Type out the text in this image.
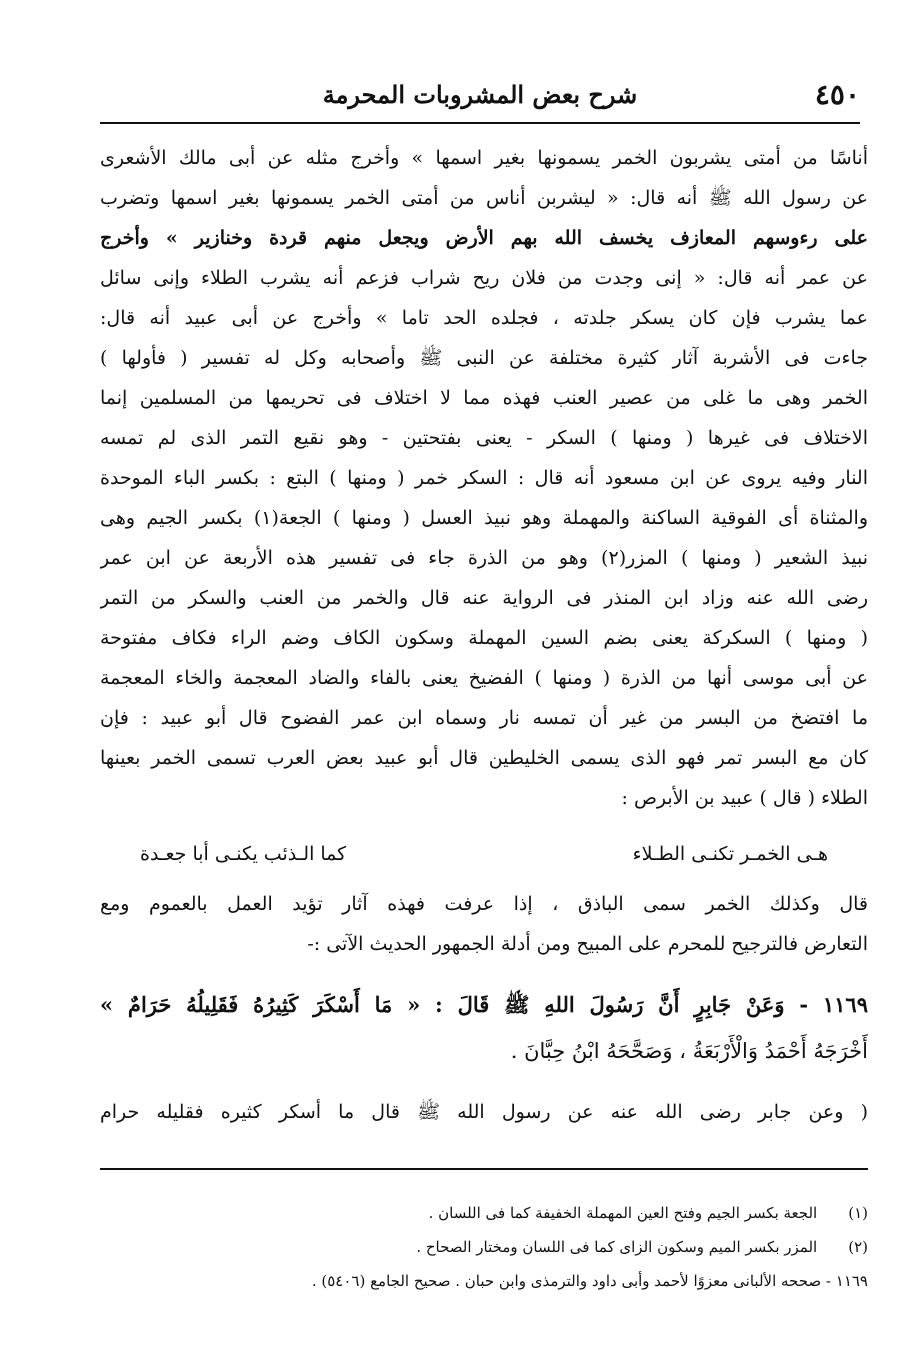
٤٥٠
شرح بعض المشروبات المحرمة
أناسًا من أمتى يشربون الخمر يسمونها بغير اسمها » وأخرج مثله عن أبى مالك الأشعرى
عن رسول الله ﷺ أنه قال: « ليشربن أناس من أمتى الخمر يسمونها بغير اسمها وتضرب
على رءوسهم المعازف يخسف الله بهم الأرض ويجعل منهم قردة وخنازير » وأخرج
عن عمر أنه قال: « إنى وجدت من فلان ريح شراب فزعم أنه يشرب الطلاء وإنى سائل
عما يشرب فإن كان يسكر جلدته ، فجلده الحد تاما » وأخرج عن أبى عبيد أنه قال:
جاءت فى الأشربة آثار كثيرة مختلفة عن النبى ﷺ وأصحابه وكل له تفسير ( فأولها )
الخمر وهى ما غلى من عصير العنب فهذه مما لا اختلاف فى تحريمها من المسلمين إنما
الاختلاف فى غيرها ( ومنها ) السكر - يعنى بفتحتين - وهو نقيع التمر الذى لم تمسه
النار وفيه يروى عن ابن مسعود أنه قال : السكر خمر ( ومنها ) البتع : بكسر الباء الموحدة
والمثناة أى الفوقية الساكنة والمهملة وهو نبيذ العسل ( ومنها ) الجعة(١) بكسر الجيم وهى
نبيذ الشعير ( ومنها ) المزر(٢) وهو من الذرة جاء فى تفسير هذه الأربعة عن ابن عمر
رضى الله عنه وزاد ابن المنذر فى الرواية عنه قال والخمر من العنب والسكر من التمر
( ومنها ) السكركة يعنى بضم السين المهملة وسكون الكاف وضم الراء فكاف مفتوحة
عن أبى موسى أنها من الذرة ( ومنها ) الفضيخ يعنى بالفاء والضاد المعجمة والخاء المعجمة
ما افتضخ من البسر من غير أن تمسه نار وسماه ابن عمر الفضوح قال أبو عبيد : فإن
كان مع البسر تمر فهو الذى يسمى الخليطين قال أبو عبيد بعض العرب تسمى الخمر بعينها
الطلاء ( قال ) عبيد بن الأبرص :
هـى الخمـر تكنـى الطـلاء
كما الـذئب يكنـى أبا جعـدة
قال وكذلك الخمر سمى الباذق ، إذا عرفت فهذه آثار تؤيد العمل بالعموم ومع
التعارض فالترجيح للمحرم على المبيح ومن أدلة الجمهور الحديث الآتى :-
١١٦٩ - وَعَنْ جَابِرٍ أَنَّ رَسُولَ اللهِ ﷺ قَالَ : « مَا أَسْكَرَ كَثِيرُهُ فَقَلِيلُهُ حَرَامٌ »
أَخْرَجَهُ أَحْمَدُ وَالْأَرْبَعَةُ ، وَصَحَّحَهُ ابْنُ حِبَّانَ .
( وعن جابر رضى الله عنه عن رسول الله ﷺ قال ما أسكر كثيره فقليله حرام
(١) الجعة بكسر الجيم وفتح العين المهملة الخفيفة كما فى اللسان .
(٢) المزر بكسر الميم وسكون الزاى كما فى اللسان ومختار الصحاح .
١١٦٩ - صححه الألبانى معزوًا لأحمد وأبى داود والترمذى وابن حبان . صحيح الجامع (٥٤٠٦) .
